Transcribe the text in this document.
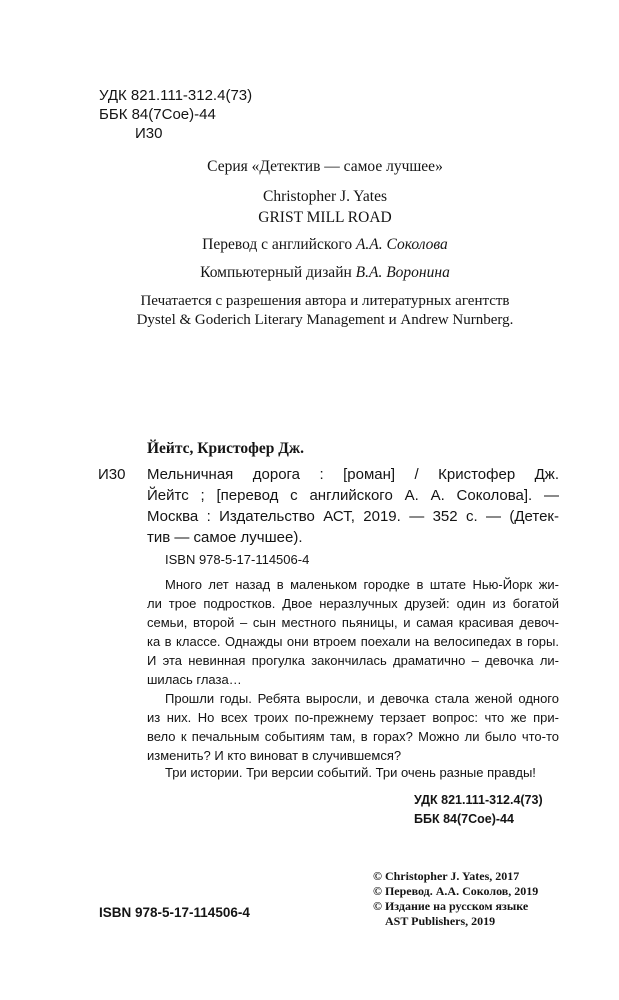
УДК 821.111-312.4(73)
ББК 84(7Сое)-44
И30
Серия «Детектив — самое лучшее»
Christopher J. Yates
GRIST MILL ROAD
Перевод с английского А.А. Соколова
Компьютерный дизайн В.А. Воронина
Печатается с разрешения автора и литературных агентств
Dystel & Goderich Literary Management и Andrew Nurnberg.
Йейтс, Кристофер Дж.
И30 Мельничная дорога : [роман] / Кристофер Дж.
Йейтс ; [перевод с английского А. А. Соколова]. —
Москва : Издательство АСТ, 2019. — 352 с. — (Детек-
тив — самое лучшее).
ISBN 978-5-17-114506-4
Много лет назад в маленьком городке в штате Нью-Йорк жи-
ли трое подростков. Двое неразлучных друзей: один из богатой
семьи, второй – сын местного пьяницы, и самая красивая девоч-
ка в классе. Однажды они втроем поехали на велосипедах в горы.
И эта невинная прогулка закончилась драматично – девочка ли-
шилась глаза…
Прошли годы. Ребята выросли, и девочка стала женой одного
из них. Но всех троих по-прежнему терзает вопрос: что же при-
вело к печальным событиям там, в горах? Можно ли было что-то
изменить? И кто виноват в случившемся?
Три истории. Три версии событий. Три очень разные правды!
УДК 821.111-312.4(73)
ББК 84(7Сое)-44
© Christopher J. Yates, 2017
© Перевод. А.А. Соколов, 2019
© Издание на русском языке
AST Publishers, 2019
ISBN 978-5-17-114506-4
